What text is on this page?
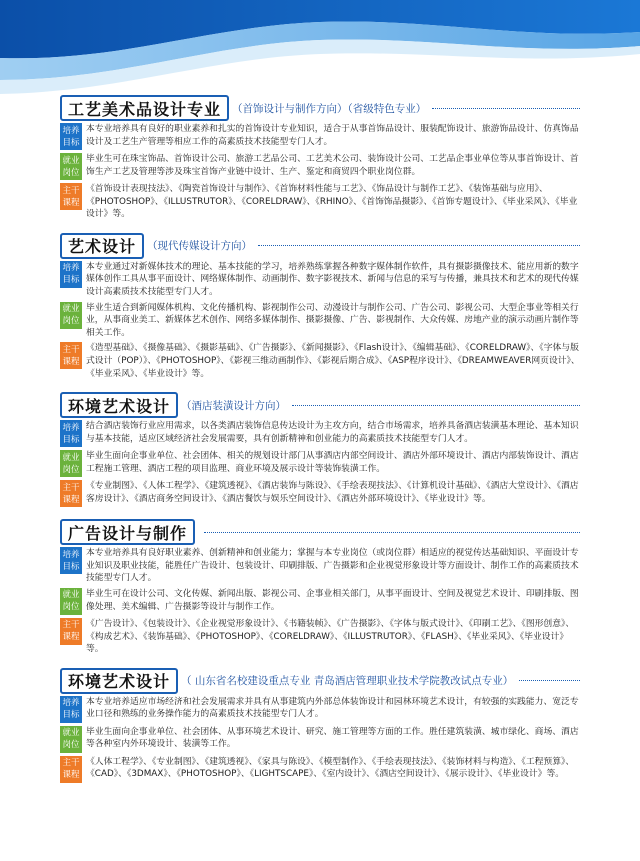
工艺美术品设计专业	（首饰设计与制作方向）（省级特色专业）
培养
目标
本专业培养具有良好的职业素养和扎实的首饰设计专业知识，适合于从事首饰品设计、服装配饰设计、旅游饰品设计、仿真饰品设计及工艺生产管理等相应工作的高素质技术技能型专门人才。
就业
岗位
毕业生可在珠宝饰品、首饰设计公司、旅游工艺品公司、工艺美术公司、装饰设计公司、工艺品企事业单位等从事首饰设计、首饰生产工艺及管理等涉及珠宝首饰产业链中设计、生产、鉴定和商贸四个职业岗位群。
主干
课程
《首饰设计表现技法》、《陶瓷首饰设计与制作》、《首饰材料性能与工艺》、《饰品设计与制作工艺》、《装饰基础与应用》、《PHOTOSHOP》、《ILLUSTRUTOR》、《CORELDRAW》、《RHINO》、《首饰饰品摄影》、《首饰专题设计》、《毕业采风》、《毕业设计》等。
艺术设计	（现代传媒设计方向）
培养
目标
本专业通过对新媒体技术的理论、基本技能的学习，培养熟练掌握各种数字媒体制作软件，具有摄影摄像技术、能应用新的数字媒体创作工具从事平面设计、网络媒体制作、动画制作、数字影视技术、新闻与信息的采写与传播，兼具技术和艺术的现代传媒设计高素质技术技能型专门人才。
就业
岗位
毕业生适合到新闻媒体机构、文化传播机构、影视制作公司、动漫设计与制作公司、广告公司、影视公司、大型企事业等相关行业，从事商业美工、新媒体艺术创作、网络多媒体制作、摄影摄像、广告、影视制作、大众传媒、房地产业的演示动画片制作等相关工作。
主干
课程
《造型基础》、《摄像基础》、《摄影基础》、《广告摄影》、《新闻摄影》、《Flash设计》、《编辑基础》、《CORELDRAW》、《字体与版式设计（POP）》、《PHOTOSHOP》、《影视三维动画制作》、《影视后期合成》、《ASP程序设计》、《DREAMWEAVER网页设计》、《毕业采风》、《毕业设计》等。
环境艺术设计	（酒店装潢设计方向）
培养
目标
结合酒店装饰行业应用需求，以各类酒店装饰信息传达设计为主攻方向，结合市场需求，培养具备酒店装潢基本理论、基本知识与基本技能，适应区域经济社会发展需要，具有创新精神和创业能力的高素质技术技能型专门人才。
就业
岗位
毕业生面向企事业单位、社会团体、相关的规划设计部门从事酒店内部空间设计、酒店外部环境设计、酒店内部装饰设计、酒店工程施工管理、酒店工程的项目监理、商业环境及展示设计等装饰装潢工作。
主干
课程
《专业制图》、《人体工程学》、《建筑透视》、《酒店装饰与陈设》、《手绘表现技法》、《计算机设计基础》、《酒店大堂设计》、《酒店客房设计》、《酒店商务空间设计》、《酒店餐饮与娱乐空间设计》、《酒店外部环境设计》、《毕业设计》等。
广告设计与制作
培养
目标
本专业培养具有良好职业素养、创新精神和创业能力；掌握与本专业岗位（或岗位群）相适应的视觉传达基础知识、平面设计专业知识及职业技能，能胜任广告设计、包装设计、印刷排版、广告摄影和企业视觉形象设计等方面设计、制作工作的高素质技术技能型专门人才。
就业
岗位
毕业生可在设计公司、文化传媒、新闻出版、影视公司、企事业相关部门，从事平面设计、空间及视觉艺术设计、印刷排版、图像处理、美术编辑、广告摄影等设计与制作工作。
主干
课程
《广告设计》、《包装设计》、《企业视觉形象设计》、《书籍装帧》、《广告摄影》、《字体与版式设计》、《印刷工艺》、《图形创意》、《构成艺术》、《装饰基础》、《PHOTOSHOP》、《CORELDRAW》、《ILLUSTRUTOR》、《FLASH》、《毕业采风》、《毕业设计》等。
环境艺术设计	（ 山东省名校建设重点专业 青岛酒店管理职业技术学院教改试点专业）
培养
目标
本专业培养适应市场经济和社会发展需求并具有从事建筑内外部总体装饰设计和园林环境艺术设计，有较强的实践能力、宽泛专业口径和熟练的业务操作能力的高素质技术技能型专门人才。
就业
岗位
毕业生面向企事业单位、社会团体、从事环境艺术设计、研究、施工管理等方面的工作。胜任建筑装潢、城市绿化、商场、酒店等各种室内外环境设计、装潢等工作。
主干
课程
《人体工程学》、《专业制图》、《建筑透视》、《家具与陈设》、《模型制作》、《手绘表现技法》、《装饰材料与构造》、《工程预算》、《CAD》、《3DMAX》、《PHOTOSHOP》、《LIGHTSCAPE》、《室内设计》、《酒店空间设计》、《展示设计》、《毕业设计》等。
